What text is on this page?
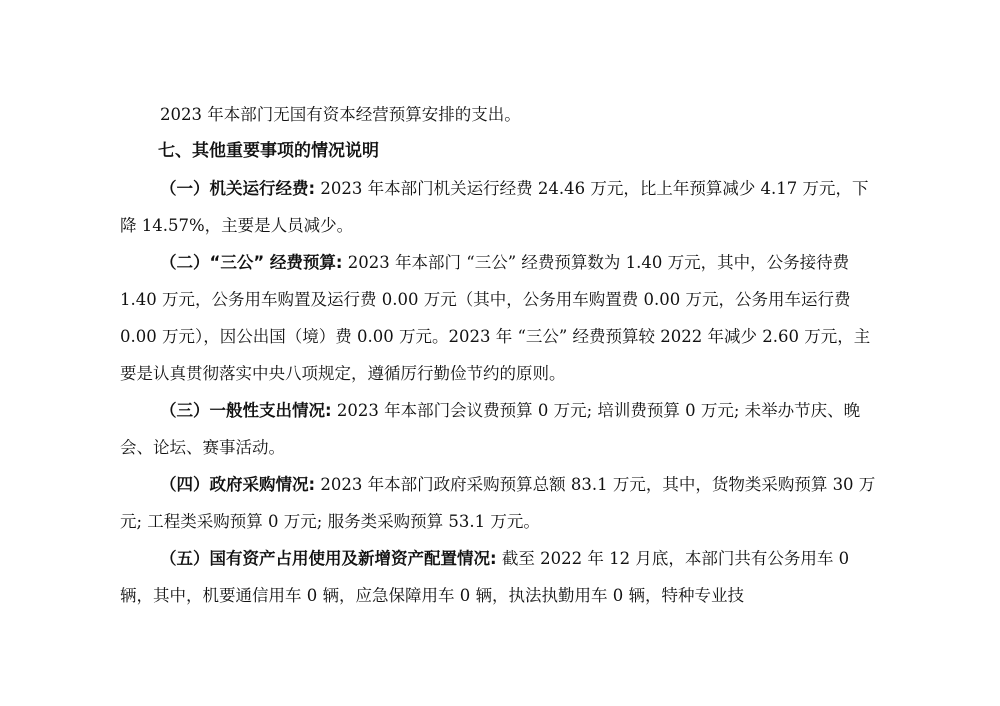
2023 年本部门无国有资本经营预算安排的支出。

七、其他重要事项的情况说明

（一）机关运行经费: 2023 年本部门机关运行经费 24.46 万元，比上年预算减少 4.17 万元，下降 14.57%，主要是人员减少。

（二）“三公” 经费预算: 2023 年本部门 “三公” 经费预算数为 1.40 万元，其中，公务接待费 1.40 万元，公务用车购置及运行费 0.00 万元（其中，公务用车购置费 0.00 万元，公务用车运行费 0.00 万元），因公出国（境）费 0.00 万元。2023 年 “三公” 经费预算较 2022 年减少 2.60 万元，主要是认真贯彻落实中央八项规定，遵循厉行勤俭节约的原则。

（三）一般性支出情况: 2023 年本部门会议费预算 0 万元; 培训费预算 0 万元; 未举办节庆、晚会、论坛、赛事活动。

（四）政府采购情况: 2023 年本部门政府采购预算总额 83.1 万元，其中，货物类采购预算 30 万元; 工程类采购预算 0 万元; 服务类采购预算 53.1 万元。

（五）国有资产占用使用及新增资产配置情况: 截至 2022 年 12 月底，本部门共有公务用车 0 辆，其中，机要通信用车 0 辆，应急保障用车 0 辆，执法执勤用车 0 辆，特种专业技
